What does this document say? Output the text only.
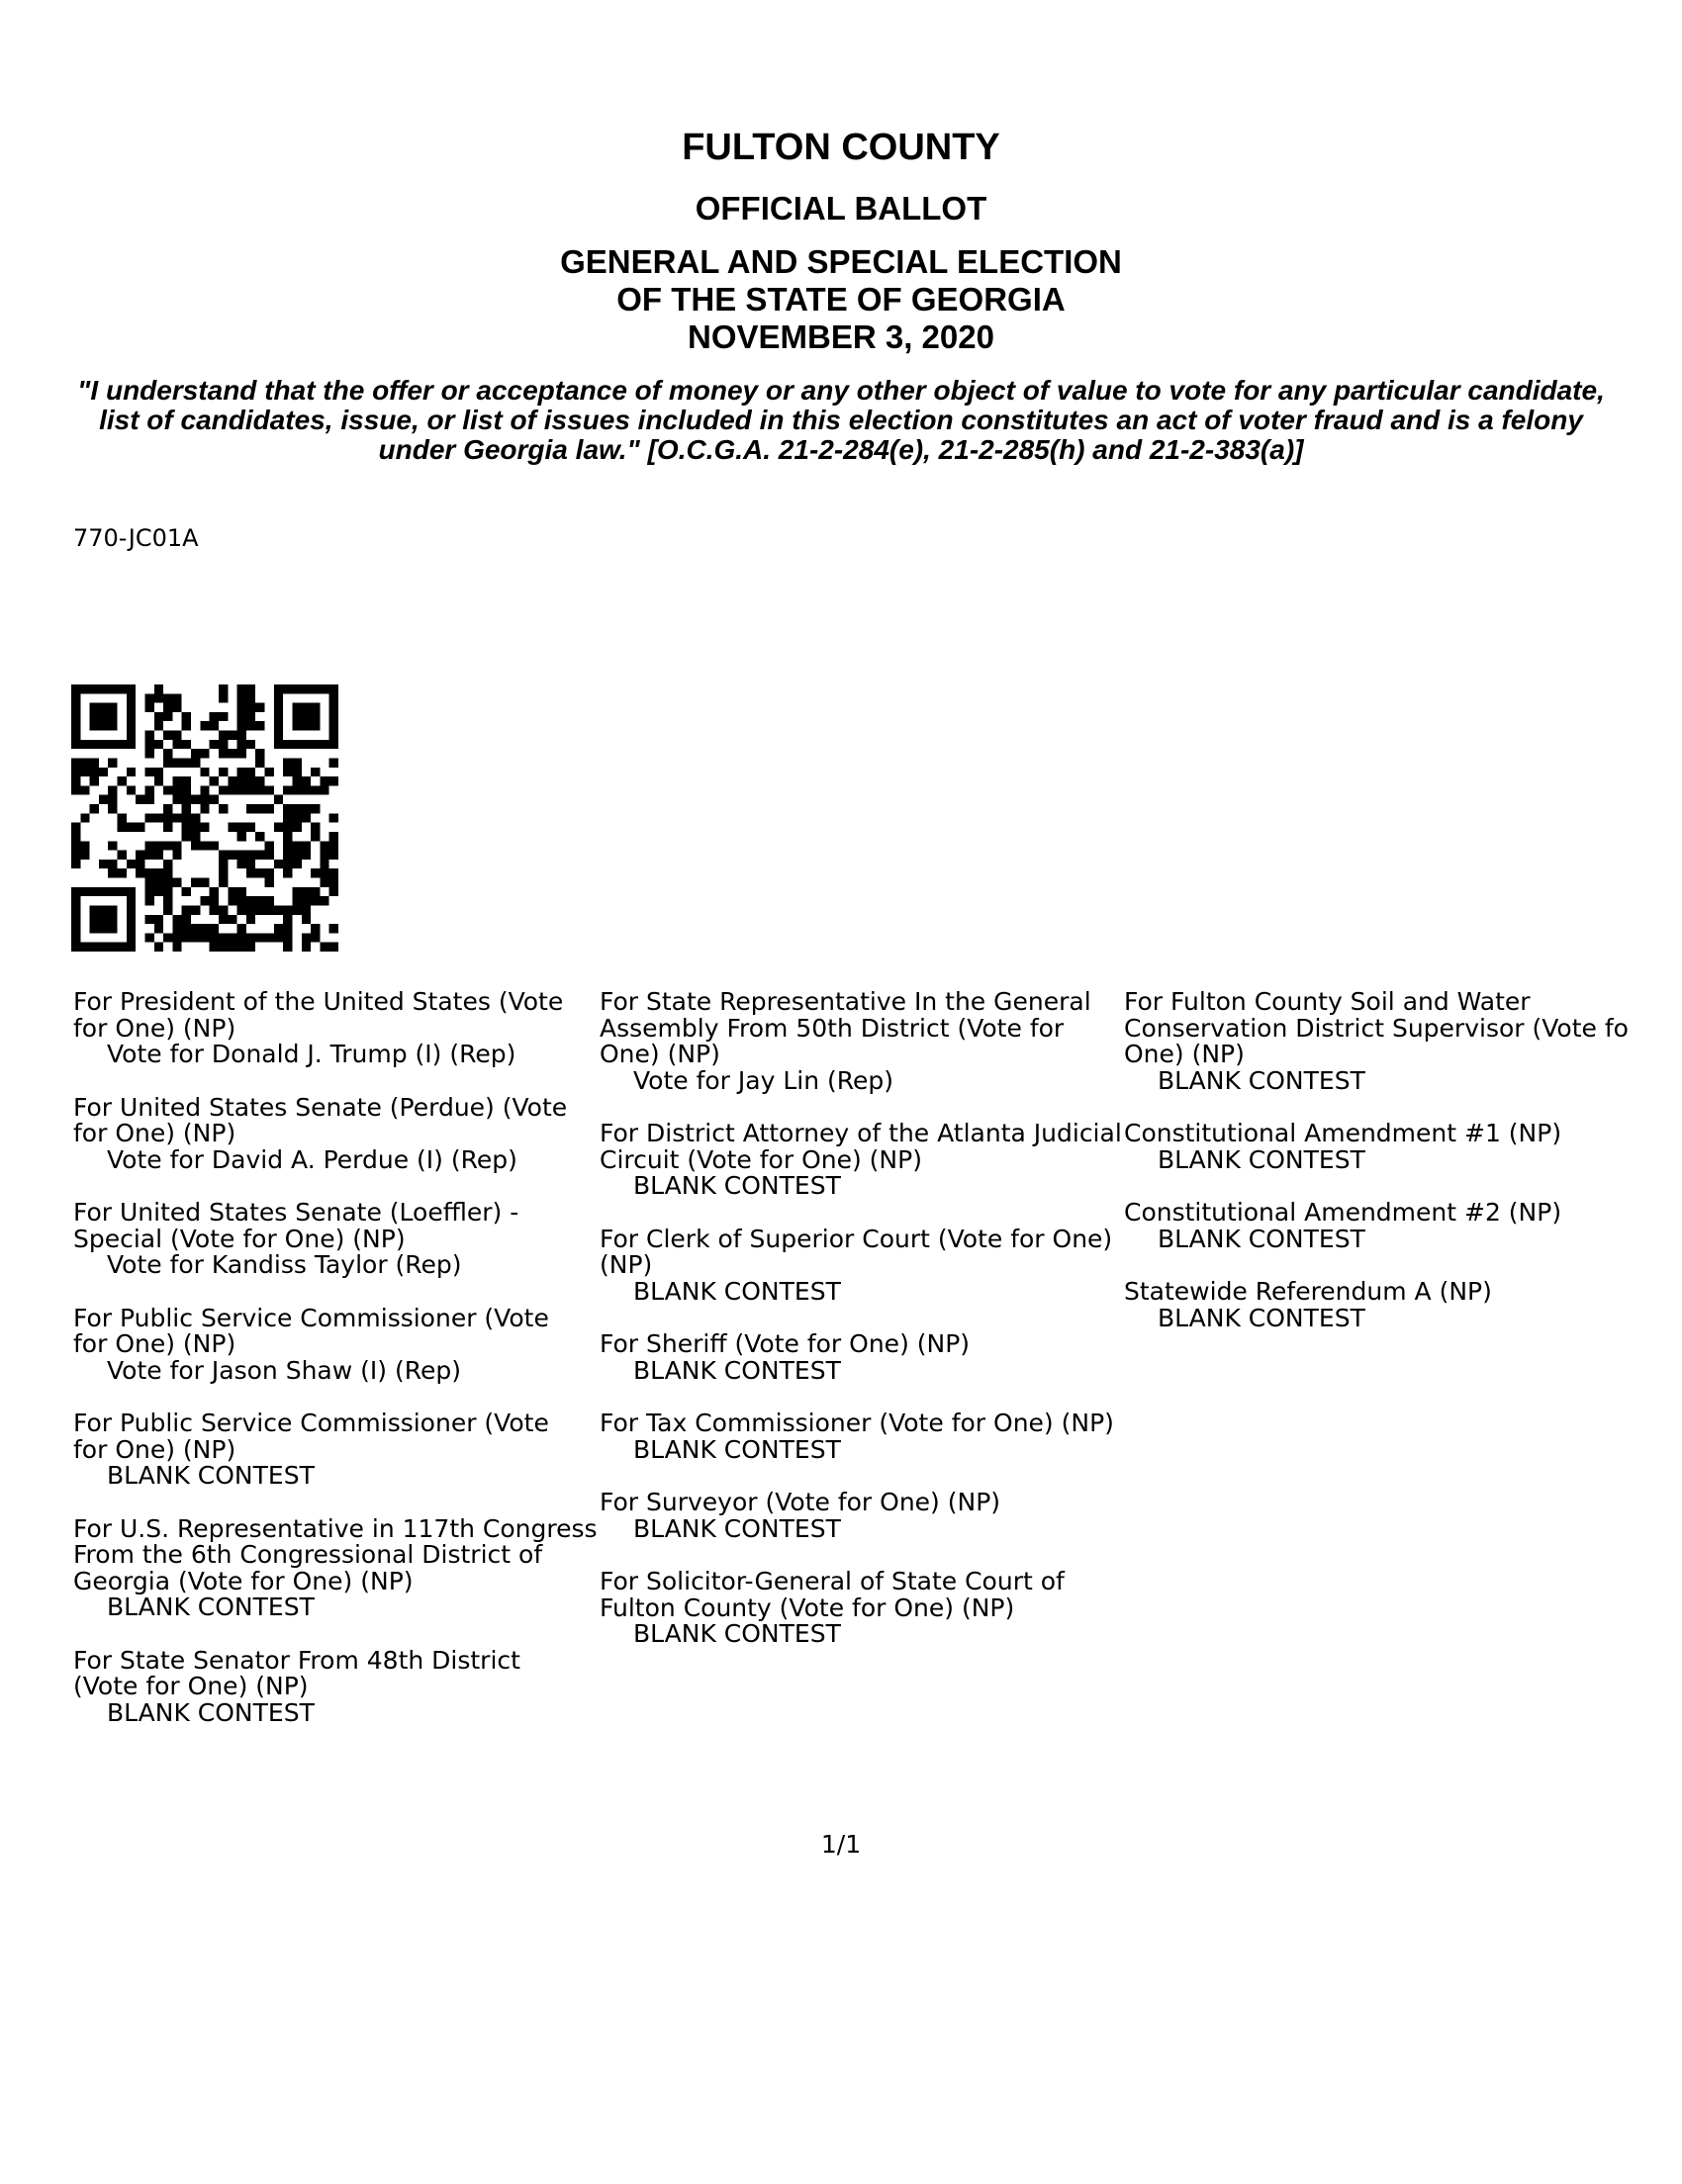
FULTON COUNTY
OFFICIAL BALLOT
GENERAL AND SPECIAL ELECTION
OF THE STATE OF GEORGIA
NOVEMBER 3, 2020
"I understand that the offer or acceptance of money or any other object of value to vote for any particular candidate, list of candidates, issue, or list of issues included in this election constitutes an act of voter fraud and is a felony under Georgia law." [O.C.G.A. 21-2-284(e), 21-2-285(h) and 21-2-383(a)]
770-JC01A
For President of the United States (Vote
for One) (NP)
Vote for Donald J. Trump (I) (Rep)
For United States Senate (Perdue) (Vote
for One) (NP)
Vote for David A. Perdue (I) (Rep)
For United States Senate (Loeffler) -
Special (Vote for One) (NP)
Vote for Kandiss Taylor (Rep)
For Public Service Commissioner (Vote
for One) (NP)
Vote for Jason Shaw (I) (Rep)
For Public Service Commissioner (Vote
for One) (NP)
BLANK CONTEST
For U.S. Representative in 117th Congress
From the 6th Congressional District of
Georgia (Vote for One) (NP)
BLANK CONTEST
For State Senator From 48th District
(Vote for One) (NP)
BLANK CONTEST
For State Representative In the General
Assembly From 50th District (Vote for
One) (NP)
Vote for Jay Lin (Rep)
For District Attorney of the Atlanta Judicial
Circuit (Vote for One) (NP)
BLANK CONTEST
For Clerk of Superior Court (Vote for One)
(NP)
BLANK CONTEST
For Sheriff (Vote for One) (NP)
BLANK CONTEST
For Tax Commissioner (Vote for One) (NP)
BLANK CONTEST
For Surveyor (Vote for One) (NP)
BLANK CONTEST
For Solicitor-General of State Court of
Fulton County (Vote for One) (NP)
BLANK CONTEST
For Fulton County Soil and Water
Conservation District Supervisor (Vote fo
One) (NP)
BLANK CONTEST
Constitutional Amendment #1 (NP)
BLANK CONTEST
Constitutional Amendment #2 (NP)
BLANK CONTEST
Statewide Referendum A (NP)
BLANK CONTEST
1/1
